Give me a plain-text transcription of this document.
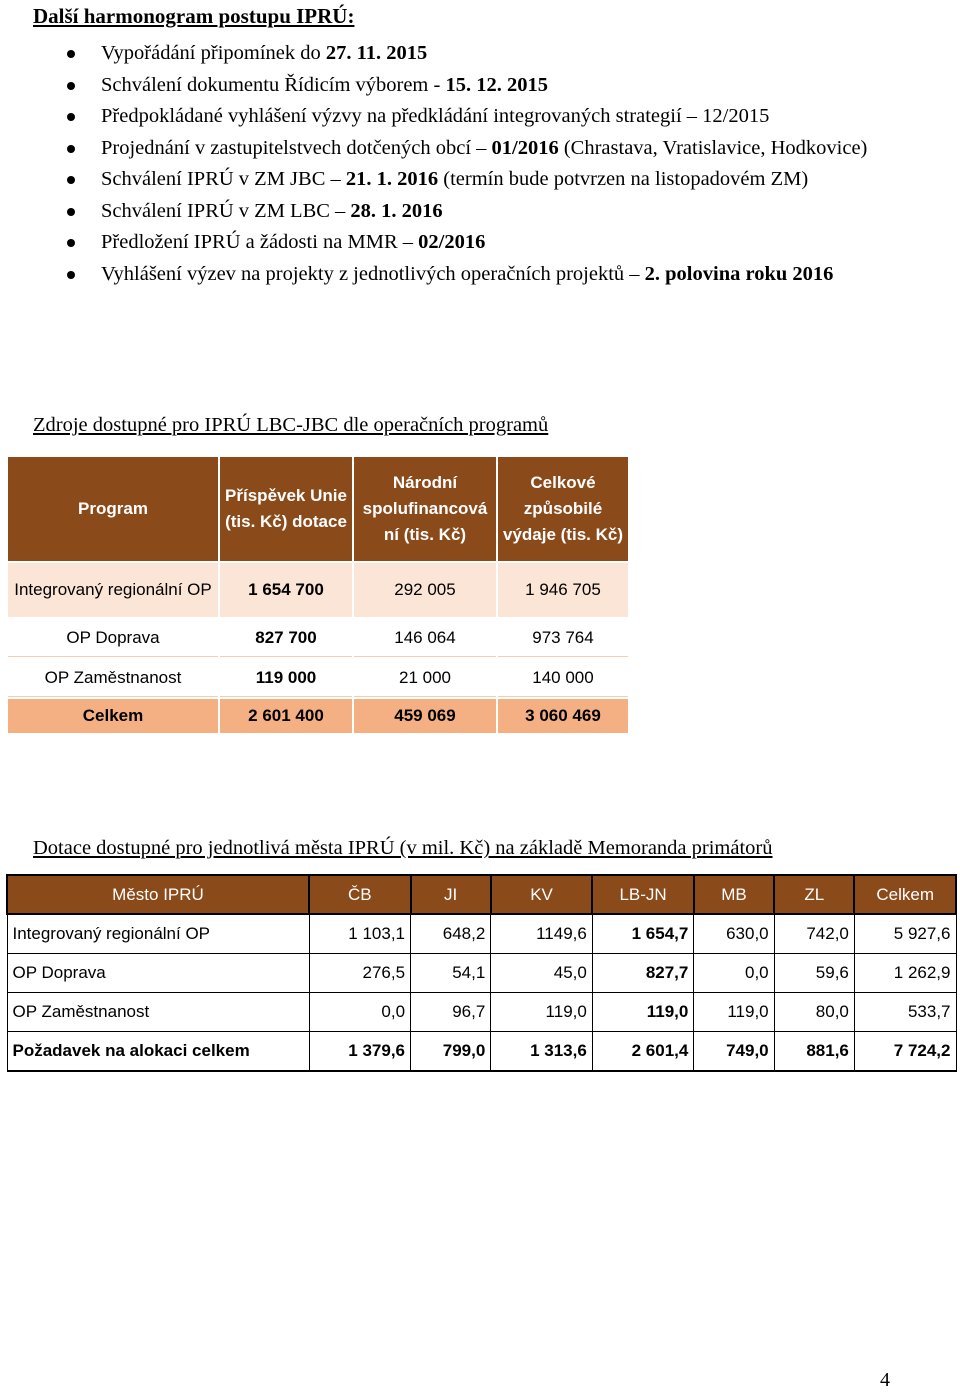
Další harmonogram postupu IPRÚ:
Vypořádání připomínek do 27. 11. 2015
Schválení dokumentu Řídicím výborem - 15. 12. 2015
Předpokládané vyhlášení výzvy na předkládání integrovaných strategií – 12/2015
Projednání v zastupitelstvech dotčených obcí – 01/2016 (Chrastava, Vratislavice, Hodkovice)
Schválení IPRÚ v ZM JBC – 21. 1. 2016 (termín bude potvrzen na listopadovém ZM)
Schválení IPRÚ v ZM LBC – 28. 1. 2016
Předložení IPRÚ a žádosti na MMR – 02/2016
Vyhlášení výzev na projekty z jednotlivých operačních projektů – 2. polovina roku 2016
Zdroje dostupné pro IPRÚ LBC-JBC dle operačních programů
Program	Příspěvek Unie (tis. Kč) dotace	Národní spolufinancová ní (tis. Kč)	Celkové způsobilé výdaje (tis. Kč)
Integrovaný regionální OP	1 654 700	292 005	1 946 705
OP Doprava	827 700	146 064	973 764
OP Zaměstnanost	119 000	21 000	140 000
Celkem	2 601 400	459 069	3 060 469
Dotace dostupné pro jednotlivá města IPRÚ (v mil. Kč) na základě Memoranda primátorů
Město IPRÚ	ČB	JI	KV	LB-JN	MB	ZL	Celkem
Integrovaný regionální OP	1 103,1	648,2	1149,6	1 654,7	630,0	742,0	5 927,6
OP Doprava	276,5	54,1	45,0	827,7	0,0	59,6	1 262,9
OP Zaměstnanost	0,0	96,7	119,0	119,0	119,0	80,0	533,7
Požadavek na alokaci celkem	1 379,6	799,0	1 313,6	2 601,4	749,0	881,6	7 724,2
4
